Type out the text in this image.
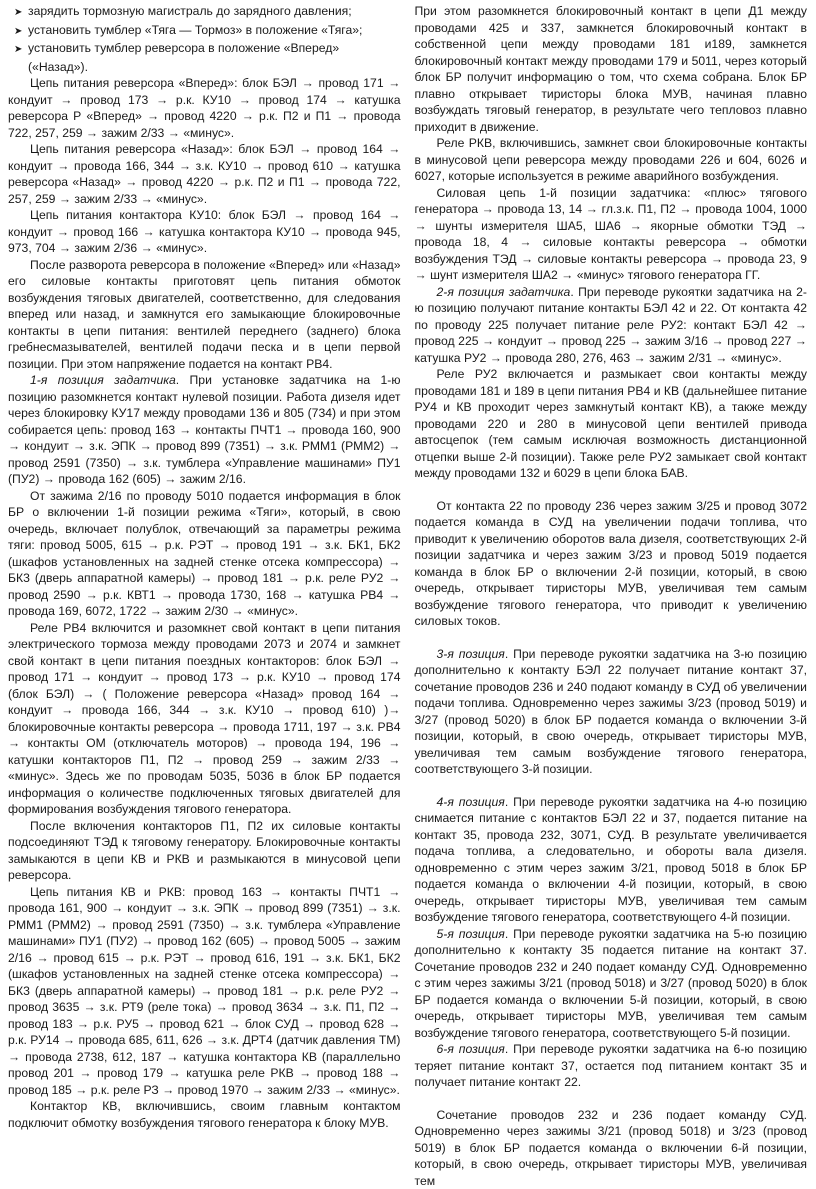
➤ зарядить тормозную магистраль до зарядного давления;

➤ установить тумблер «Тяга — Тормоз» в положение «Тяга»;

➤ установить тумблер реверсора в положение «Вперед» («Назад»).

Цепь питания реверсора «Вперед»: блок БЭЛ → провод 171 → кондуит → провод 173 → р.к. КУ10 → провод 174 → катушка реверсора Р «Вперед» → провод 4220 → р.к. П2 и П1 → провода 722, 257, 259 → зажим 2/33 → «минус».

Цепь питания реверсора «Назад»: блок БЭЛ → провод 164 → кондуит → провода 166, 344 → з.к. КУ10 → провод 610 → катушка реверсора «Назад» → провод 4220 → р.к. П2 и П1 → провода 722, 257, 259 → зажим 2/33 → «минус».

Цепь питания контактора КУ10: блок БЭЛ → провод 164 → кондуит → провод 166 → катушка контактора КУ10 → провода 945, 973, 704 → зажим 2/36 → «минус».

После разворота реверсора в положение «Вперед» или «Назад» его силовые контакты приготовят цепь питания обмоток возбуждения тяговых двигателей, соответственно, для следования вперед или назад, и замкнутся его замыкающие блокировочные контакты в цепи питания: вентилей переднего (заднего) блока гребнесмазывателей, вентилей подачи песка и в цепи первой позиции. При этом напряжение подается на контакт РВ4.

1-я позиция задатчика. При установке задатчика на 1-ю позицию разомкнется контакт нулевой позиции. Работа дизеля идет через блокировку КУ17 между проводами 136 и 805 (734) и при этом собирается цепь: провод 163 → контакты ПЧТ1 → провода 160, 900 → кондуит → з.к. ЭПК → провод 899 (7351) → з.к. РММ1 (РММ2) → провод 2591 (7350) → з.к. тумблера «Управление машинами» ПУ1 (ПУ2) → провода 162 (605) → зажим 2/16.

От зажима 2/16 по проводу 5010 подается информация в блок БР о включении 1-й позиции режима «Тяги», который, в свою очередь, включает полублок, отвечающий за параметры режима тяги: провод 5005, 615 → р.к. РЭТ → провод 191 → з.к. БК1, БК2 (шкафов установленных на задней стенке отсека компрессора) → БК3 (дверь аппаратной камеры) → провод 181 → р.к. реле РУ2 → провод 2590 → р.к. КВТ1 → провода 1730, 168 → катушка РВ4 → провода 169, 6072, 1722 → зажим 2/30 → «минус».

Реле РВ4 включится и разомкнет свой контакт в цепи питания электрического тормоза между проводами 2073 и 2074 и замкнет свой контакт в цепи питания поездных контакторов: блок БЭЛ → провод 171 → кондуит → провод 173 → р.к. КУ10 → провод 174 (блок БЭЛ) → ( Положение реверсора «Назад» провод 164 → кондуит → провода 166, 344 → з.к. КУ10 → провод 610) )→ блокировочные контакты реверсора → провода 1711, 197 → з.к. РВ4 → контакты ОМ (отключатель моторов) → провода 194, 196 → катушки контакторов П1, П2 → провод 259 → зажим 2/33 → «минус». Здесь же по проводам 5035, 5036 в блок БР подается информация о количестве подключенных тяговых двигателей для формирования возбуждения тягового генератора.

После включения контакторов П1, П2 их силовые контакты подсоединяют ТЭД к тяговому генератору. Блокировочные контакты замыкаются в цепи КВ и РКВ и размыкаются в минусовой цепи реверсора.

Цепь питания КВ и РКВ: провод 163 → контакты ПЧТ1 → провода 161, 900 → кондуит → з.к. ЭПК → провод 899 (7351) → з.к. РММ1 (РММ2) → провод 2591 (7350) → з.к. тумблера «Управление машинами» ПУ1 (ПУ2) → провод 162 (605) → провод 5005 → зажим 2/16 → провод 615 → р.к. РЭТ → провод 616, 191 → з.к. БК1, БК2 (шкафов установленных на задней стенке отсека компрессора) → БК3 (дверь аппаратной камеры) → провод 181 → р.к. реле РУ2 → провод 3635 → з.к. РТ9 (реле тока) → провод 3634 → з.к. П1, П2 → провод 183 → р.к. РУ5 → провод 621 → блок СУД → провод 628 → р.к. РУ14 → провода 685, 611, 626 → з.к. ДРТ4 (датчик давления ТМ) → провода 2738, 612, 187 → катушка контактора КВ (параллельно провод 201 → провод 179 → катушка реле РКВ → провод 188 → провод 185 → р.к. реле РЗ → провод 1970 → зажим 2/33 → «минус».

Контактор КВ, включившись, своим главным контактом подключит обмотку возбуждения тягового генератора к блоку МУВ.

При этом разомкнется блокировочный контакт в цепи Д1 между проводами 425 и 337, замкнется блокировочный контакт в собственной цепи между проводами 181 и189, замкнется блокировочный контакт между проводами 179 и 5011, через который блок БР получит информацию о том, что схема собрана. Блок БР плавно открывает тиристоры блока МУВ, начиная плавно возбуждать тяговый генератор, в результате чего тепловоз плавно приходит в движение.

Реле РКВ, включившись, замкнет свои блокировочные контакты в минусовой цепи реверсора между проводами 226 и 604, 6026 и 6027, которые используется в режиме аварийного возбуждения.

Силовая цепь 1-й позиции задатчика: «плюс» тягового генератора → провода 13, 14 → гл.з.к. П1, П2 → провода 1004, 1000 → шунты измерителя ША5, ША6 → якорные обмотки ТЭД → провода 18, 4 → силовые контакты реверсора → обмотки возбуждения ТЭД → силовые контакты реверсора → провода 23, 9 → шунт измерителя ША2 → «минус» тягового генератора ГГ.

2-я позиция задатчика. При переводе рукоятки задатчика на 2-ю позицию получают питание контакты БЭЛ 42 и 22. От контакта 42 по проводу 225 получает питание реле РУ2: контакт БЭЛ 42 → провод 225 → кондуит → провод 225 → зажим 3/16 → провод 227 → катушка РУ2 → провода 280, 276, 463 → зажим 2/31 → «минус».

Реле РУ2 включается и размыкает свои контакты между проводами 181 и 189 в цепи питания РВ4 и КВ (дальнейшее питание РУ4 и КВ проходит через замкнутый контакт КВ), а также между проводами 220 и 280 в минусовой цепи вентилей привода автосцепок (тем самым исключая возможность дистанционной отцепки выше 2-й позиции). Также реле РУ2 замыкает свой контакт между проводами 132 и 6029 в цепи блока БАВ.

От контакта 22 по проводу 236 через зажим 3/25 и провод 3072 подается команда в СУД на увеличении подачи топлива, что приводит к увеличению оборотов вала дизеля, соответствующих 2-й позиции задатчика и через зажим 3/23 и провод 5019 подается команда в блок БР о включении 2-й позиции, который, в свою очередь, открывает тиристоры МУВ, увеличивая тем самым возбуждение тягового генератора, что приводит к увеличению силовых токов.

3-я позиция. При переводе рукоятки задатчика на 3-ю позицию дополнительно к контакту БЭЛ 22 получает питание контакт 37, сочетание проводов 236 и 240 подают команду в СУД об увеличении подачи топлива. Одновременно через зажимы 3/23 (провод 5019) и 3/27 (провод 5020) в блок БР подается команда о включении 3-й позиции, который, в свою очередь, открывает тиристоры МУВ, увеличивая тем самым возбуждение тягового генератора, соответствующего 3-й позиции.

4-я позиция. При переводе рукоятки задатчика на 4-ю позицию снимается питание с контактов БЭЛ 22 и 37, подается питание на контакт 35, провода 232, 3071, СУД. В результате увеличивается подача топлива, а следовательно, и обороты вала дизеля. одновременно с этим через зажим 3/21, провод 5018 в блок БР подается команда о включении 4-й позиции, который, в свою очередь, открывает тиристоры МУВ, увеличивая тем самым возбуждение тягового генератора, соответствующего 4-й позиции.

5-я позиция. При переводе рукоятки задатчика на 5-ю позицию дополнительно к контакту 35 подается питание на контакт 37. Сочетание проводов 232 и 240 подает команду СУД. Одновременно с этим через зажимы 3/21 (провод 5018) и 3/27 (провод 5020) в блок БР подается команда о включении 5-й позиции, который, в свою очередь, открывает тиристоры МУВ, увеличивая тем самым возбуждение тягового генератора, соответствующего 5-й позиции.

6-я позиция. При переводе рукоятки задатчика на 6-ю позицию теряет питание контакт 37, остается под питанием контакт 35 и получает питание контакт 22.

Сочетание проводов 232 и 236 подает команду СУД. Одновременно через зажимы 3/21 (провод 5018) и 3/23 (провод 5019) в блок БР подается команда о включении 6-й позиции, который, в свою очередь, открывает тиристоры МУВ, увеличивая тем
